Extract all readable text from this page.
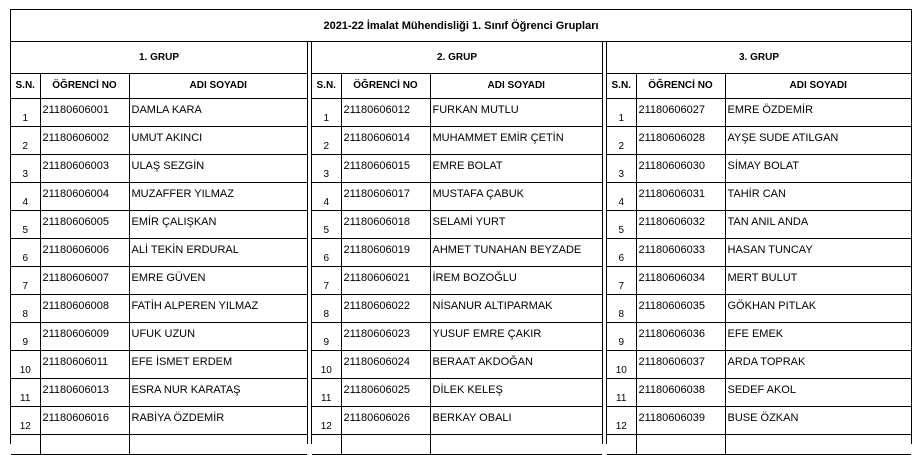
2021-22 İmalat Mühendisliği 1. Sınıf Öğrenci Grupları
1. GRUP		
S.N.	ÖĞRENCİ NO	ADI SOYADI
1	21180606001	DAMLA KARA
2	21180606002	UMUT AKINCI
3	21180606003	ULAŞ SEZGİN
4	21180606004	MUZAFFER YILMAZ
5	21180606005	EMİR ÇALIŞKAN
6	21180606006	ALİ TEKİN ERDURAL
7	21180606007	EMRE GÜVEN
8	21180606008	FATİH ALPEREN YILMAZ
9	21180606009	UFUK UZUN
10	21180606011	EFE İSMET ERDEM
11	21180606013	ESRA NUR KARATAŞ
12	21180606016	RABİYA ÖZDEMİR

2. GRUP		
S.N.	ÖĞRENCİ NO	ADI SOYADI
1	21180606012	FURKAN MUTLU
2	21180606014	MUHAMMET EMİR ÇETİN
3	21180606015	EMRE BOLAT
4	21180606017	MUSTAFA ÇABUK
5	21180606018	SELAMİ YURT
6	21180606019	AHMET TUNAHAN BEYZADE
7	21180606021	İREM BOZOĞLU
8	21180606022	NİSANUR ALTIPARMAK
9	21180606023	YUSUF EMRE ÇAKIR
10	21180606024	BERAAT AKDOĞAN
11	21180606025	DİLEK KELEŞ
12	21180606026	BERKAY OBALI

3. GRUP		
S.N.	ÖĞRENCİ NO	ADI SOYADI
1	21180606027	EMRE ÖZDEMİR
2	21180606028	AYŞE SUDE ATILGAN
3	21180606030	SİMAY BOLAT
4	21180606031	TAHİR CAN
5	21180606032	TAN ANIL ANDA
6	21180606033	HASAN TUNCAY
7	21180606034	MERT BULUT
8	21180606035	GÖKHAN PITLAK
9	21180606036	EFE EMEK
10	21180606037	ARDA TOPRAK
11	21180606038	SEDEF AKOL
12	21180606039	BUSE ÖZKAN
